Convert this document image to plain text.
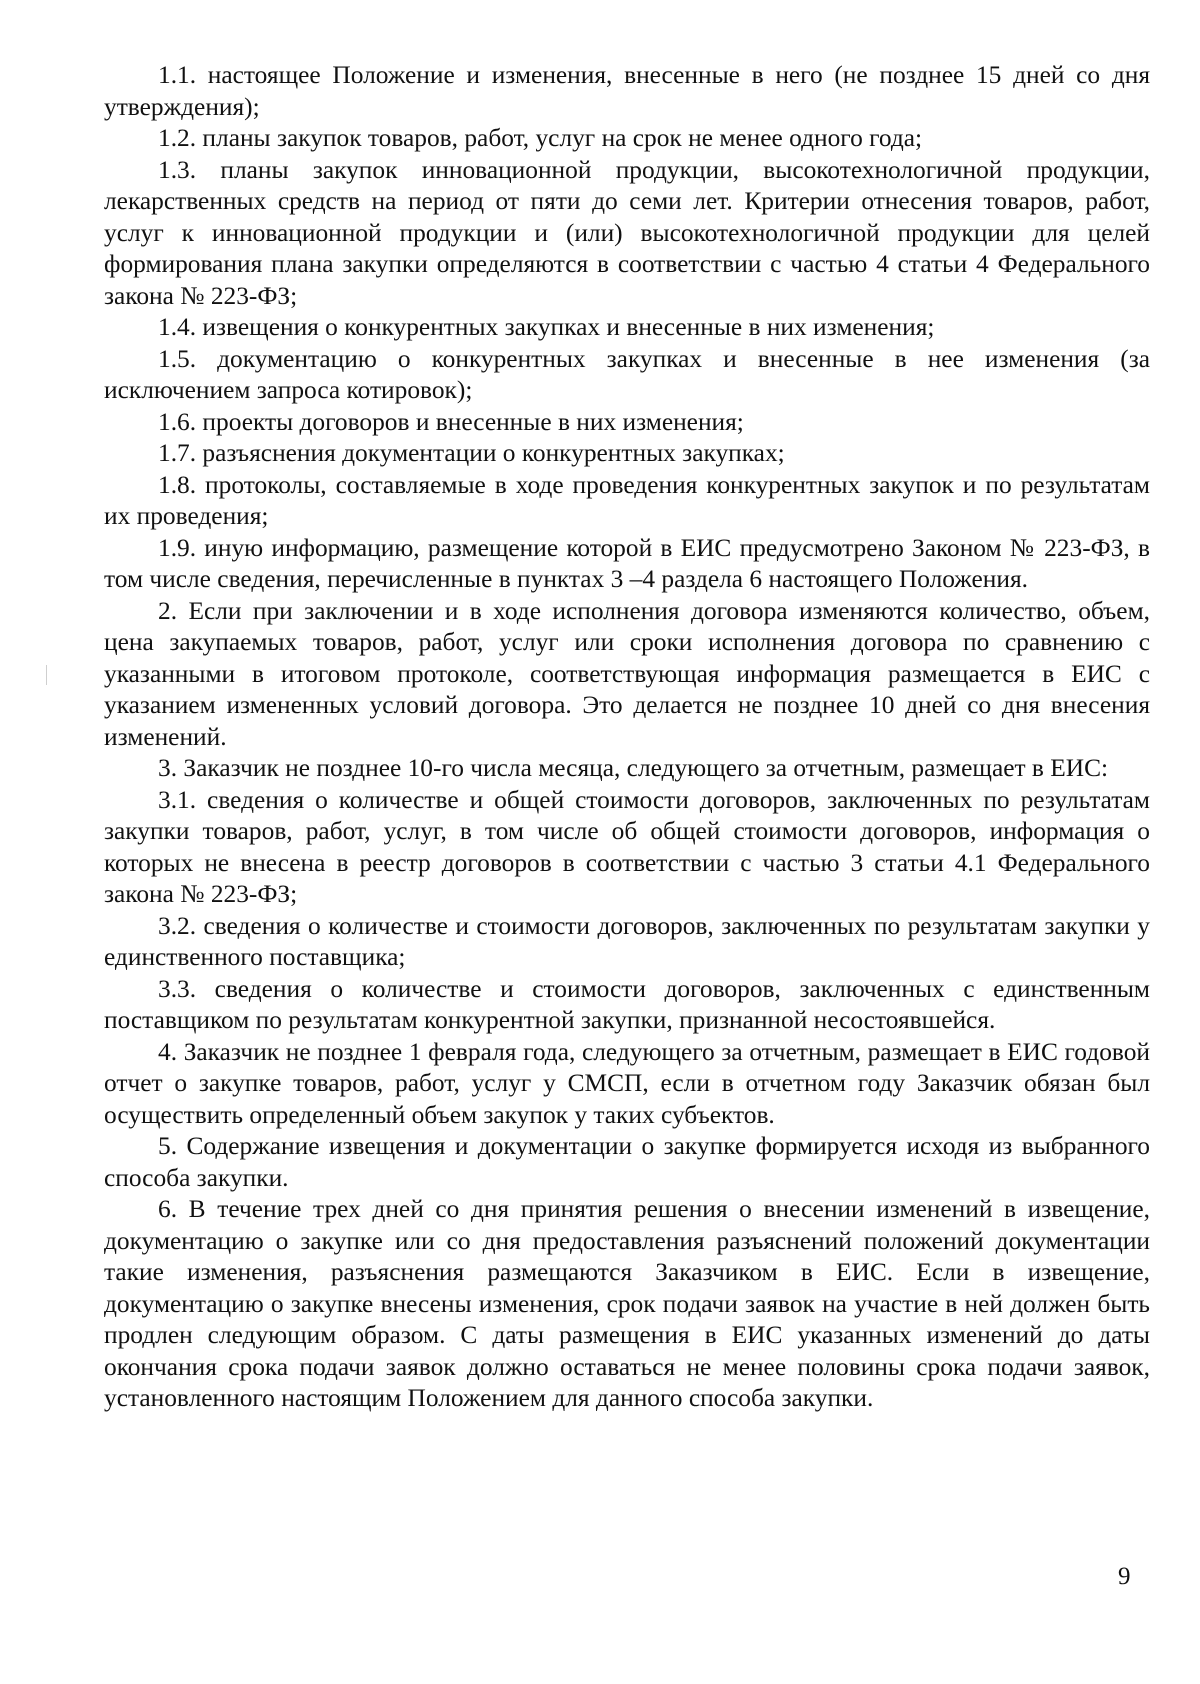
1.1. настоящее Положение и изменения, внесенные в него (не позднее 15 дней со дня утверждения);

1.2. планы закупок товаров, работ, услуг на срок не менее одного года;

1.3. планы закупок инновационной продукции, высокотехнологичной продукции, лекарственных средств на период от пяти до семи лет. Критерии отнесения товаров, работ, услуг к инновационной продукции и (или) высокотехнологичной продукции для целей формирования плана закупки определяются в соответствии с частью 4 статьи 4 Федерального закона № 223-ФЗ;

1.4. извещения о конкурентных закупках и внесенные в них изменения;

1.5. документацию о конкурентных закупках и внесенные в нее изменения (за исключением запроса котировок);

1.6. проекты договоров и внесенные в них изменения;

1.7. разъяснения документации о конкурентных закупках;

1.8. протоколы, составляемые в ходе проведения конкурентных закупок и по результатам их проведения;

1.9. иную информацию, размещение которой в ЕИС предусмотрено Законом № 223-ФЗ, в том числе сведения, перечисленные в пунктах 3 –4 раздела 6 настоящего Положения.

2. Если при заключении и в ходе исполнения договора изменяются количество, объем, цена закупаемых товаров, работ, услуг или сроки исполнения договора по сравнению с указанными в итоговом протоколе, соответствующая информация размещается в ЕИС с указанием измененных условий договора. Это делается не позднее 10 дней со дня внесения изменений.

3. Заказчик не позднее 10-го числа месяца, следующего за отчетным, размещает в ЕИС:

3.1. сведения о количестве и общей стоимости договоров, заключенных по результатам закупки товаров, работ, услуг, в том числе об общей стоимости договоров, информация о которых не внесена в реестр договоров в соответствии с частью 3 статьи 4.1 Федерального закона № 223-ФЗ;

3.2. сведения о количестве и стоимости договоров, заключенных по результатам закупки у единственного поставщика;

3.3. сведения о количестве и стоимости договоров, заключенных с единственным поставщиком по результатам конкурентной закупки, признанной несостоявшейся.

4. Заказчик не позднее 1 февраля года, следующего за отчетным, размещает в ЕИС годовой отчет о закупке товаров, работ, услуг у СМСП, если в отчетном году Заказчик обязан был осуществить определенный объем закупок у таких субъектов.

5. Содержание извещения и документации о закупке формируется исходя из выбранного способа закупки.

6. В течение трех дней со дня принятия решения о внесении изменений в извещение, документацию о закупке или со дня предоставления разъяснений положений документации такие изменения, разъяснения размещаются Заказчиком в ЕИС. Если в извещение, документацию о закупке внесены изменения, срок подачи заявок на участие в ней должен быть продлен следующим образом. С даты размещения в ЕИС указанных изменений до даты окончания срока подачи заявок должно оставаться не менее половины срока подачи заявок, установленного настоящим Положением для данного способа закупки.

9
